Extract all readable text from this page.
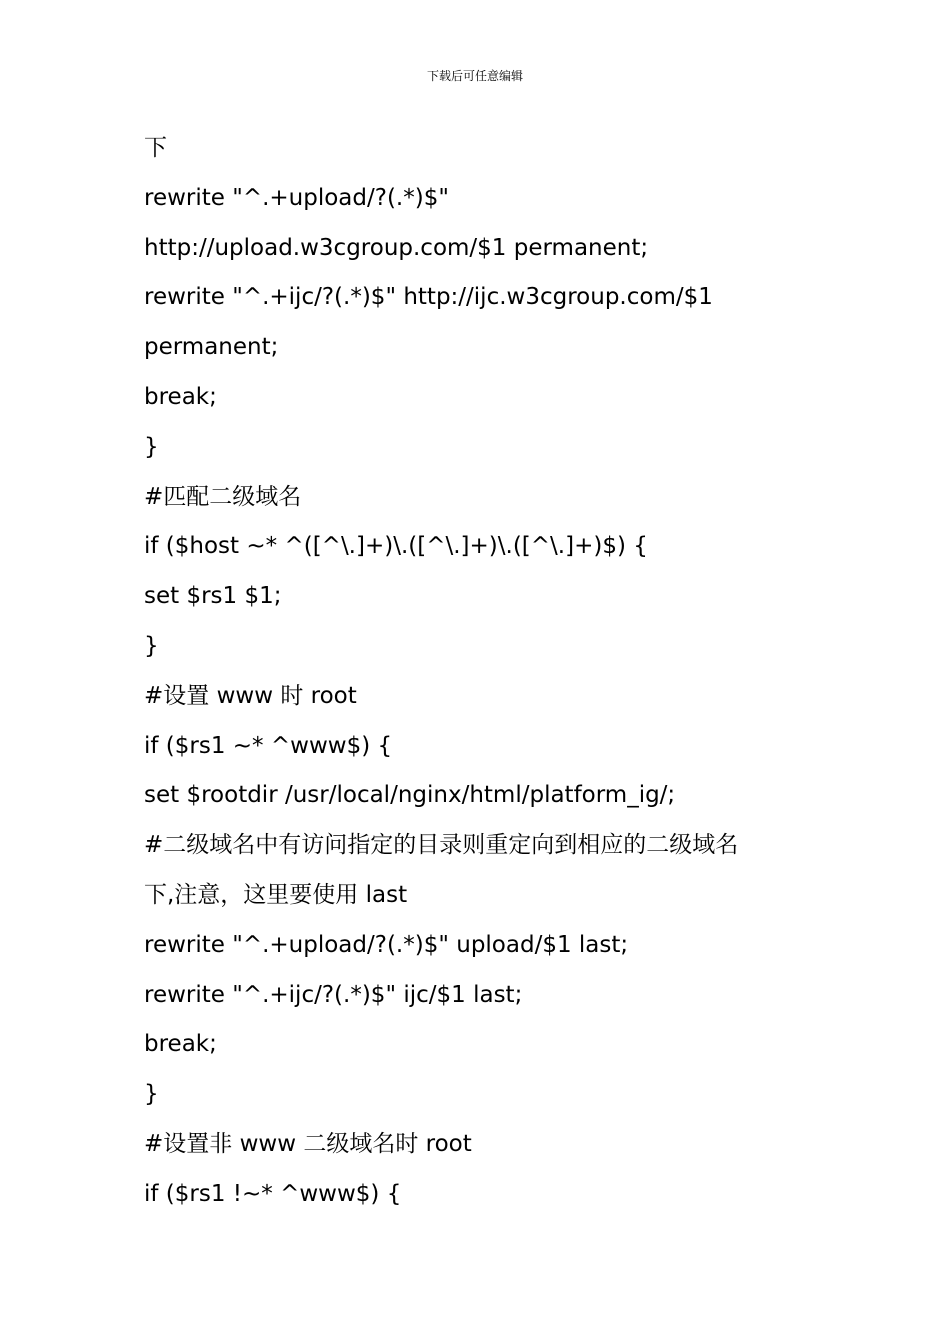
下载后可任意编辑
下
rewrite "^.+upload/?(.*)$"
http://upload.w3cgroup.com/$1 permanent;
rewrite "^.+ijc/?(.*)$" http://ijc.w3cgroup.com/$1
permanent;
break;
}
#匹配二级域名
if ($host ~* ^([^\.]+)\.([^\.]+)\.([^\.]+)$) {
set $rs1 $1;
}
#设置 www 时 root
if ($rs1 ~* ^www$) {
set $rootdir /usr/local/nginx/html/platform_ig/;
#二级域名中有访问指定的目录则重定向到相应的二级域名
下,注意，这里要使用 last
rewrite "^.+upload/?(.*)$" upload/$1 last;
rewrite "^.+ijc/?(.*)$" ijc/$1 last;
break;
}
#设置非 www 二级域名时 root
if ($rs1 !~* ^www$) {
